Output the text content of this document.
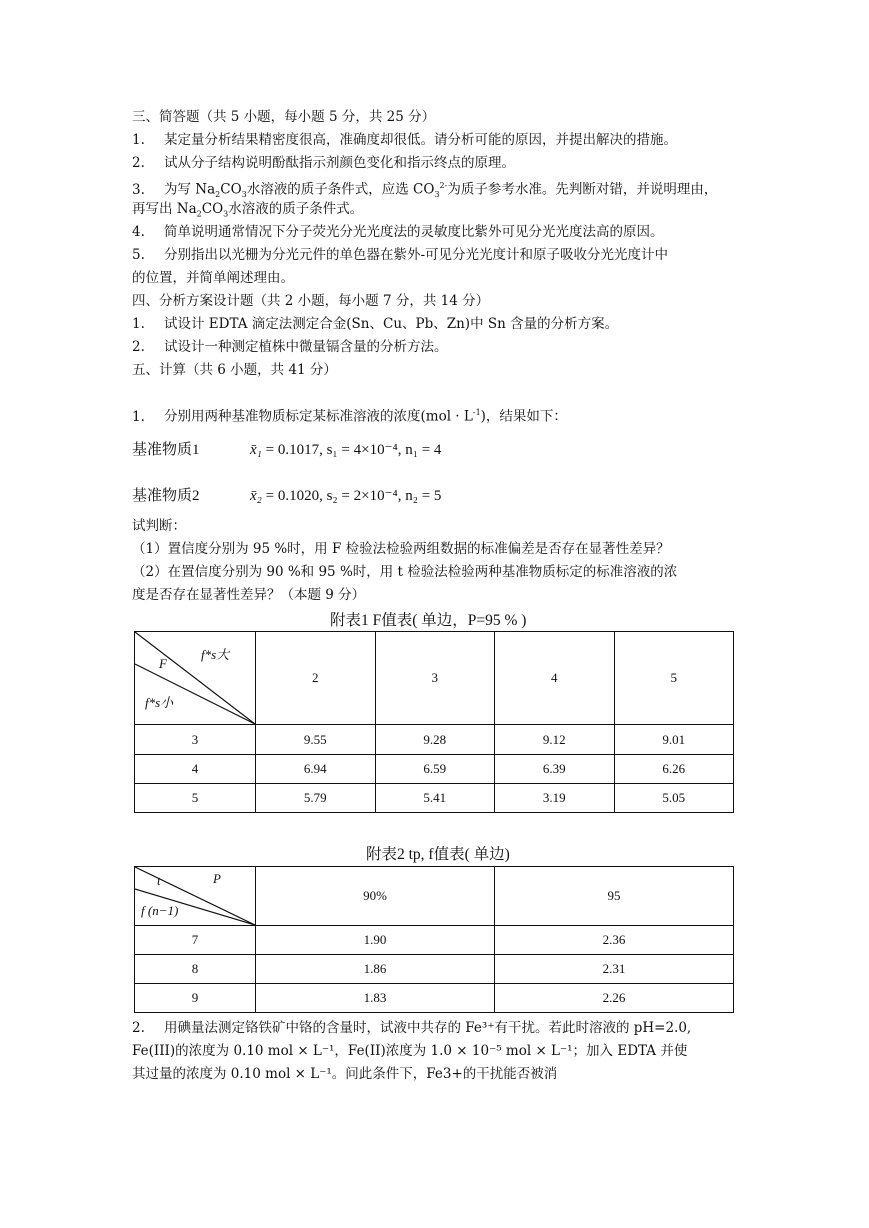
三、简答题（共 5 小题，每小题 5 分，共 25 分）
1. 某定量分析结果精密度很高，准确度却很低。请分析可能的原因，并提出解决的措施。
2. 试从分子结构说明酚酞指示剂颜色变化和指示终点的原理。
3. 为写 $Na_2CO_3$水溶液的质子条件式，应选 $CO_3^{2-}$为质子参考水准。先判断对错，并说明理由，
再写出 $Na_2CO_3$水溶液的质子条件式。
4. 简单说明通常情况下分子荧光分光光度法的灵敏度比紫外可见分光光度法高的原因。
5. 分别指出以光栅为分光元件的单色器在紫外-可见分光光度计和原子吸收分光光度计中
的位置，并简单阐述理由。
四、分析方案设计题（共 2 小题，每小题 7 分，共 14 分）
1. 试设计 EDTA 滴定法测定合金(Sn、Cu、Pb、Zn)中 Sn 含量的分析方案。
2. 试设计一种测定植株中微量镉含量的分析方法。
五、计算（共 6 小题，共 41 分）
1. 分别用两种基准物质标定某标准溶液的浓度$(mol \cdot L^{-1})$，结果如下：
基准物质1	x̄₁ = 0.1017, s₁ = 4×10⁻⁴, n₁ = 4
基准物质2	x̄₂ = 0.1020, s₂ = 2×10⁻⁴, n₂ = 5
试判断：
（1）置信度分别为 95 %时，用 F 检验法检验两组数据的标准偏差是否存在显著性差异？
（2）在置信度分别为 90 %和 95 %时，用 t 检验法检验两种基准物质标定的标准溶液的浓
度是否存在显著性差异？（本题 9 分）
附表1 F值表( 单边，P=95 % )
f*s大
F
f*s小	2	3	4	5
3	9.55	9.28	9.12	9.01
4	6.94	6.59	6.39	6.26
5	5.79	5.41	3.19	5.05
附表2 tp, f值表( 单边)
t P
f (n−1)	90%	95
7	1.90	2.36
8	1.86	2.31
9	1.83	2.26
2. 用碘量法测定铬铁矿中铬的含量时，试液中共存的 Fe³⁺有干扰。若此时溶液的 pH=2.0,
Fe(III)的浓度为 0.10 mol × L⁻¹，Fe(II)浓度为 1.0 × 10⁻⁵ mol × L⁻¹；加入 EDTA 并使
其过量的浓度为 0.10 mol × L⁻¹。问此条件下，Fe3+的干扰能否被消
